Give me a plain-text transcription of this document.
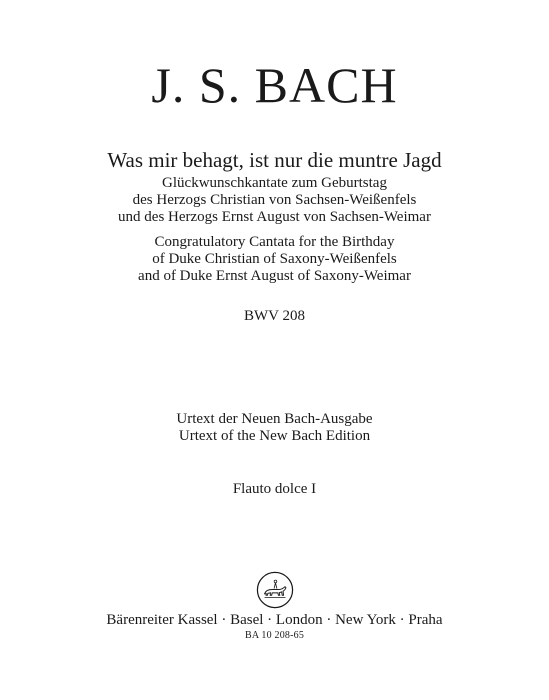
J. S. BACH
Was mir behagt, ist nur die muntre Jagd
Glückwunschkantate zum Geburtstag
des Herzogs Christian von Sachsen-Weißenfels
und des Herzogs Ernst August von Sachsen-Weimar
Congratulatory Cantata for the Birthday
of Duke Christian of Saxony-Weißenfels
and of Duke Ernst August of Saxony-Weimar
BWV 208
Urtext der Neuen Bach-Ausgabe
Urtext of the New Bach Edition
Flauto dolce I
Bärenreiter Kassel · Basel · London · New York · Praha
BA 10 208-65
